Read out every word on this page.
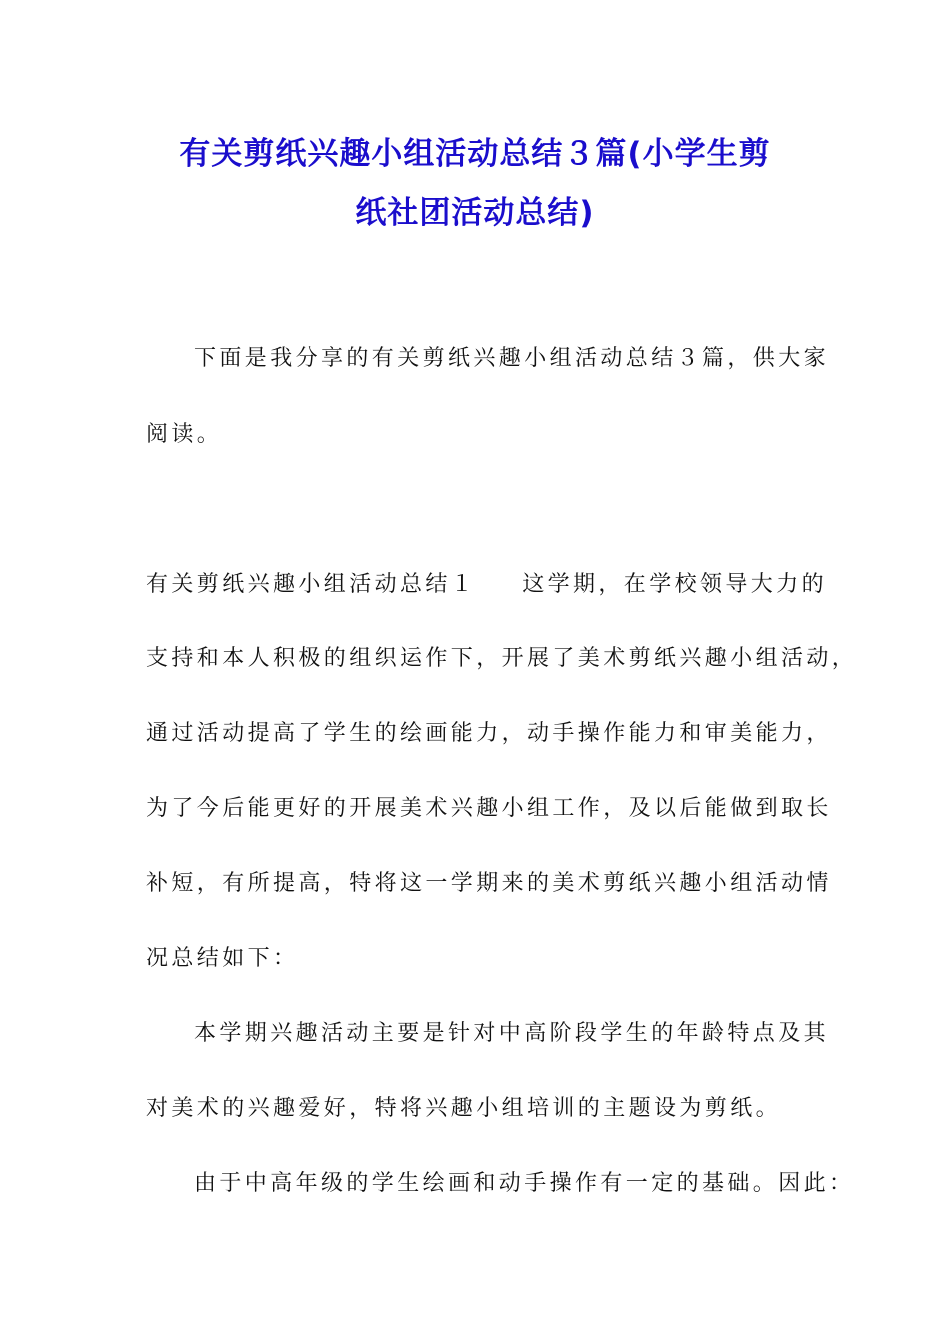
有关剪纸兴趣小组活动总结３篇(小学生剪
纸社团活动总结)

下面是我分享的有关剪纸兴趣小组活动总结３篇，供大家

阅读。

有关剪纸兴趣小组活动总结１ 这学期，在学校领导大力的

支持和本人积极的组织运作下，开展了美术剪纸兴趣小组活动，

通过活动提高了学生的绘画能力，动手操作能力和审美能力，

为了今后能更好的开展美术兴趣小组工作，及以后能做到取长

补短，有所提高，特将这一学期来的美术剪纸兴趣小组活动情

况总结如下：

本学期兴趣活动主要是针对中高阶段学生的年龄特点及其

对美术的兴趣爱好，特将兴趣小组培训的主题设为剪纸。

由于中高年级的学生绘画和动手操作有一定的基础。因此：
